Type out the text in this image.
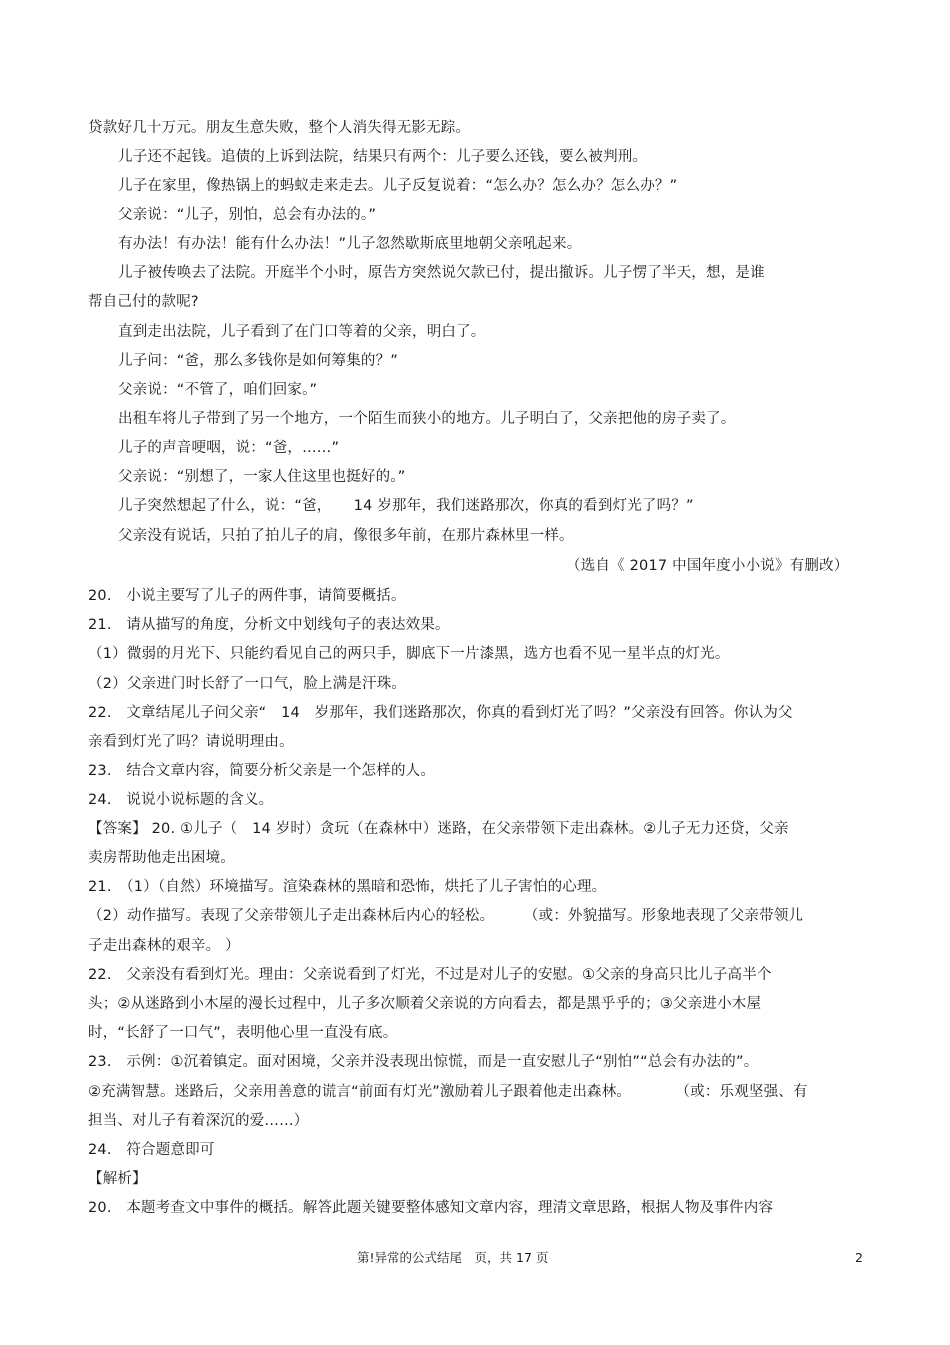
贷款好几十万元。朋友生意失败，整个人消失得无影无踪。
儿子还不起钱。追债的上诉到法院，结果只有两个：儿子要么还钱，要么被判刑。
儿子在家里，像热锅上的蚂蚁走来走去。儿子反复说着：“怎么办？怎么办？怎么办？”
父亲说：“儿子，别怕，总会有办法的。”
有办法！有办法！能有什么办法！”儿子忽然歇斯底里地朝父亲吼起来。
儿子被传唤去了法院。开庭半个小时，原告方突然说欠款已付，提出撤诉。儿子愣了半天，想，是谁
帮自己付的款呢?
直到走出法院，儿子看到了在门口等着的父亲，明白了。
儿子问：“爸，那么多钱你是如何筹集的？”
父亲说：“不管了，咱们回家。”
出租车将儿子带到了另一个地方，一个陌生而狭小的地方。儿子明白了，父亲把他的房子卖了。
儿子的声音哽咽，说：“爸，……”
父亲说：“别想了，一家人住这里也挺好的。”
儿子突然想起了什么，说：“爸，　　14 岁那年，我们迷路那次，你真的看到灯光了吗？”
父亲没有说话，只拍了拍儿子的肩，像很多年前，在那片森林里一样。
（选自《 2017 中国年度小小说》有删改）
20.　小说主要写了儿子的两件事，请简要概括。
21.　请从描写的角度，分析文中划线句子的表达效果。
（1）微弱的月光下、只能约看见自己的两只手，脚底下一片漆黑，选方也看不见一星半点的灯光。
（2）父亲进门时长舒了一口气，脸上满是汗珠。
22.　文章结尾儿子问父亲“　14　岁那年，我们迷路那次，你真的看到灯光了吗？”父亲没有回答。你认为父
亲看到灯光了吗？请说明理由。
23.　结合文章内容，简要分析父亲是一个怎样的人。
24.　说说小说标题的含义。
【答案】 20. ①儿子（　14 岁时）贪玩（在森林中）迷路，在父亲带领下走出森林。②儿子无力还贷，父亲
卖房帮助他走出困境。
21.　（1）（自然）环境描写。渲染森林的黑暗和恐怖，烘托了儿子害怕的心理。
（2）动作描写。表现了父亲带领儿子走出森林后内心的轻松。　　　（或：外貌描写。形象地表现了父亲带领儿
子走出森林的艰辛。 ）
22.　父亲没有看到灯光。理由：父亲说看到了灯光，不过是对儿子的安慰。①父亲的身高只比儿子高半个
头；②从迷路到小木屋的漫长过程中，儿子多次顺着父亲说的方向看去，都是黑乎乎的；③父亲进小木屋
时，“长舒了一口气”，表明他心里一直没有底。
23.　示例：①沉着镇定。面对困境，父亲并没表现出惊慌，而是一直安慰儿子“别怕”“总会有办法的”。
②充满智慧。迷路后，父亲用善意的谎言“前面有灯光”激励着儿子跟着他走出森林。　　　　（或：乐观坚强、有
担当、对儿子有着深沉的爱……）
24.　符合题意即可
【解析】
20.　本题考查文中事件的概括。解答此题关键要整体感知文章内容，理清文章思路，根据人物及事件内容
第!异常的公式结尾　页，共 17 页	2
